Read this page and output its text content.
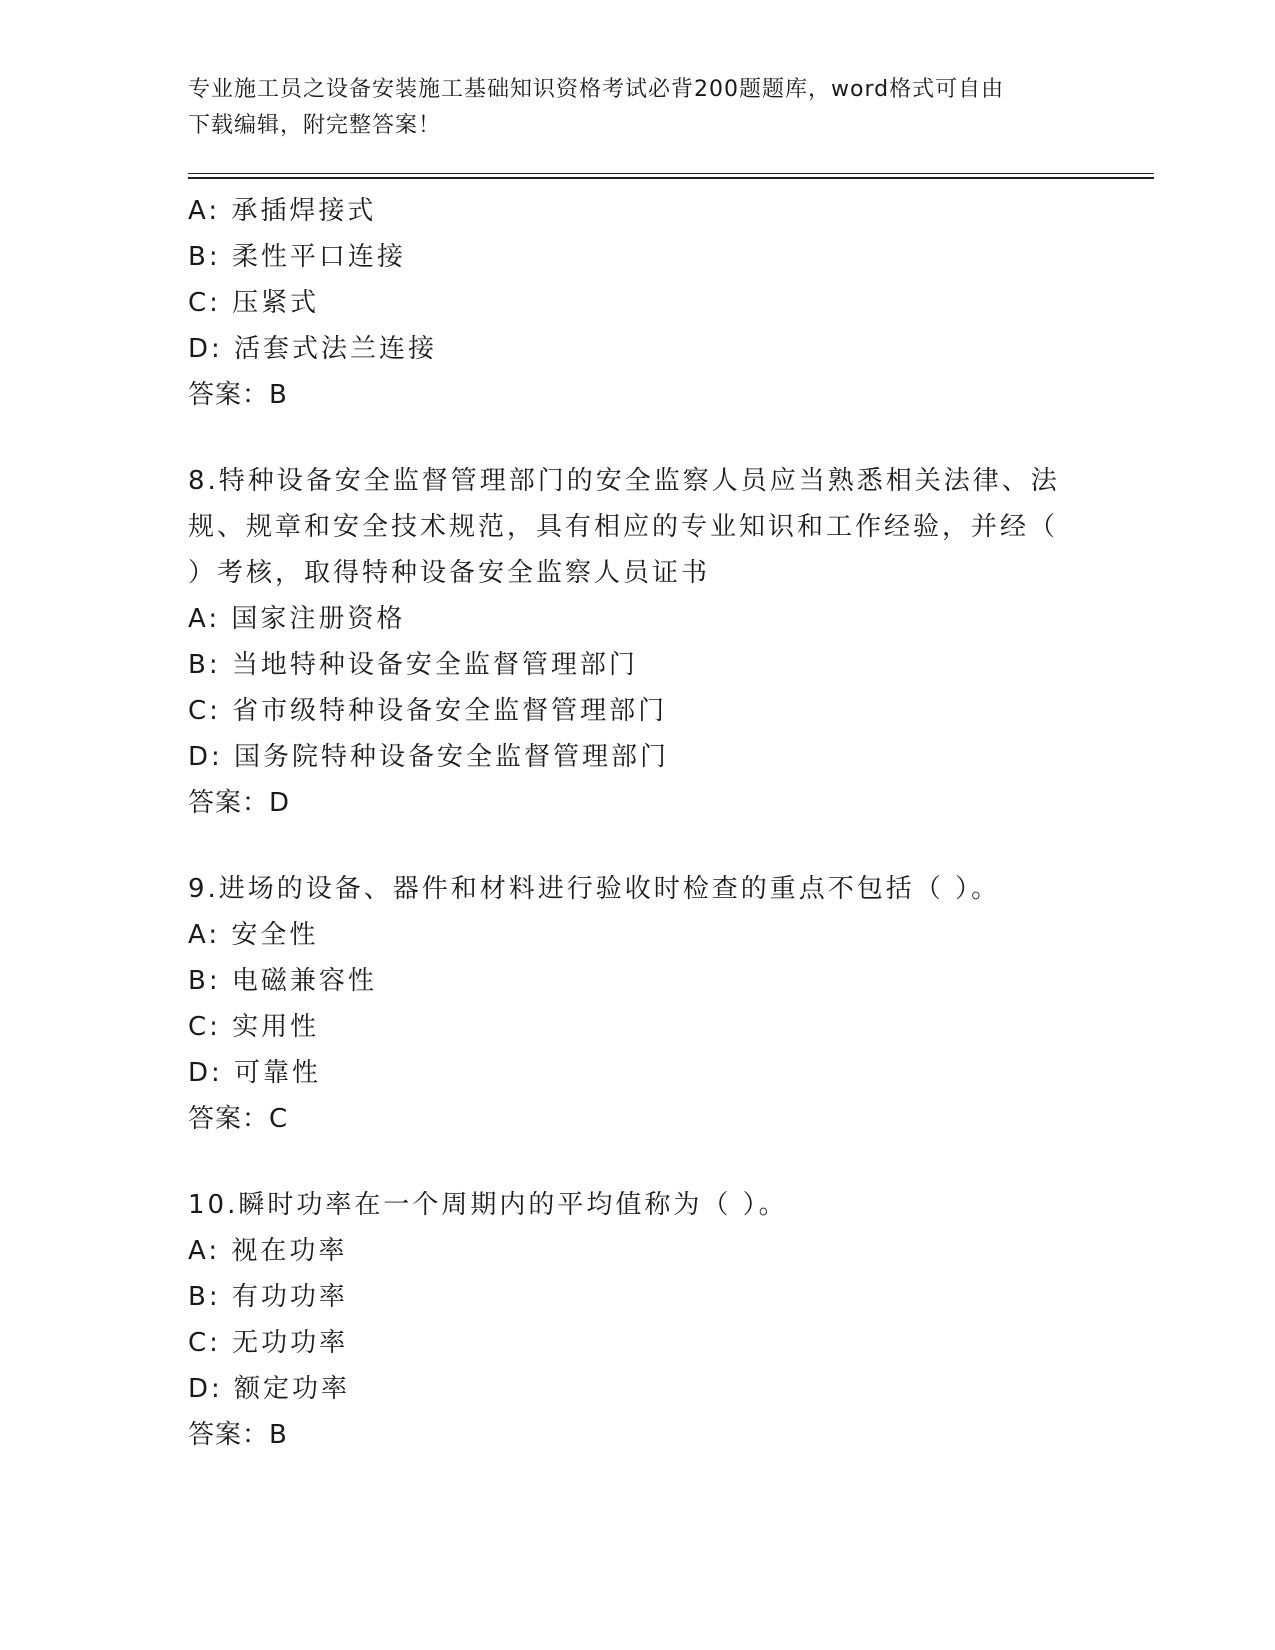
专业施工员之设备安装施工基础知识资格考试必背200题题库，word格式可自由
下载编辑，附完整答案！
A: 承插焊接式
B: 柔性平口连接
C: 压紧式
D: 活套式法兰连接
答案：B
8.特种设备安全监督管理部门的安全监察人员应当熟悉相关法律、法
规、规章和安全技术规范，具有相应的专业知识和工作经验，并经（
）考核，取得特种设备安全监察人员证书
A: 国家注册资格
B: 当地特种设备安全监督管理部门
C: 省市级特种设备安全监督管理部门
D: 国务院特种设备安全监督管理部门
答案：D
9.进场的设备、器件和材料进行验收时检查的重点不包括（ ）。
A: 安全性
B: 电磁兼容性
C: 实用性
D: 可靠性
答案：C
10.瞬时功率在一个周期内的平均值称为（ ）。
A: 视在功率
B: 有功功率
C: 无功功率
D: 额定功率
答案：B
